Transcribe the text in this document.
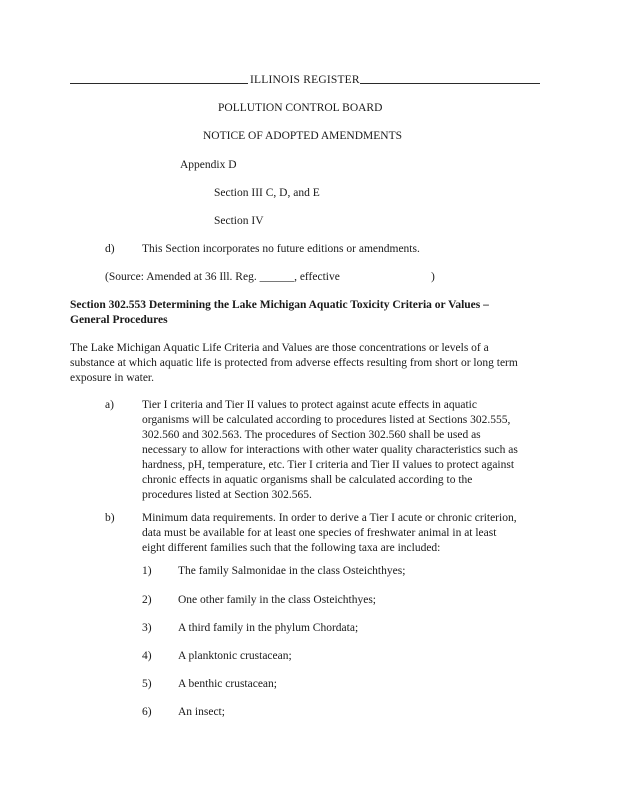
ILLINOIS REGISTER
POLLUTION CONTROL BOARD
NOTICE OF ADOPTED AMENDMENTS
Appendix D
Section III C, D, and E
Section IV
d) This Section incorporates no future editions or amendments.
(Source: Amended at 36 Ill. Reg. ______, effective	)
Section 302.553 Determining the Lake Michigan Aquatic Toxicity Criteria or Values –
General Procedures
The Lake Michigan Aquatic Life Criteria and Values are those concentrations or levels of a
substance at which aquatic life is protected from adverse effects resulting from short or long term
exposure in water.
a) Tier I criteria and Tier II values to protect against acute effects in aquatic
organisms will be calculated according to procedures listed at Sections 302.555,
302.560 and 302.563. The procedures of Section 302.560 shall be used as
necessary to allow for interactions with other water quality characteristics such as
hardness, pH, temperature, etc. Tier I criteria and Tier II values to protect against
chronic effects in aquatic organisms shall be calculated according to the
procedures listed at Section 302.565.
b) Minimum data requirements. In order to derive a Tier I acute or chronic criterion,
data must be available for at least one species of freshwater animal in at least
eight different families such that the following taxa are included:
1) The family Salmonidae in the class Osteichthyes;
2) One other family in the class Osteichthyes;
3) A third family in the phylum Chordata;
4) A planktonic crustacean;
5) A benthic crustacean;
6) An insect;
